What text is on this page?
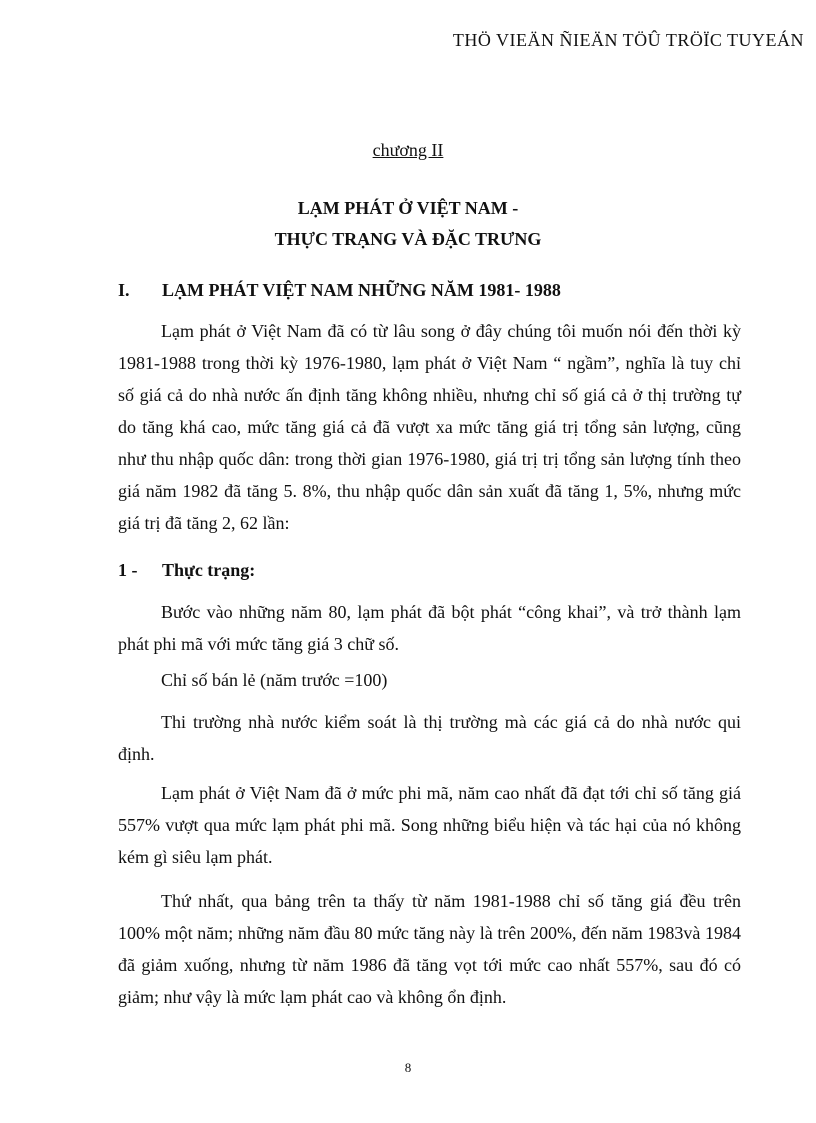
THÖ VIEÄN ÑIEÄN TÖÛ TRÖÏC TUYEÁN
chương II
LẠM PHÁT Ở VIỆT NAM -
THỰC TRẠNG VÀ ĐẶC TRƯNG
I. LẠM PHÁT VIỆT NAM NHỮNG NĂM 1981- 1988

Lạm phát ở Việt Nam đã có từ lâu song ở đây chúng tôi muốn nói đến thời kỳ 1981-1988 trong thời kỳ 1976-1980, lạm phát ở Việt Nam “ ngầm”, nghĩa là tuy chỉ số giá cả do nhà nước ấn định tăng không nhiều, nhưng chỉ số giá cả ở thị trường tự do tăng khá cao, mức tăng giá cả đã vượt xa mức tăng giá trị tổng sản lượng, cũng như thu nhập quốc dân: trong thời gian 1976-1980, giá trị trị tổng sản lượng tính theo giá năm 1982 đã tăng 5. 8%, thu nhập quốc dân sản xuất đã tăng 1, 5%, nhưng mức giá trị đã tăng 2, 62 lần:

1 - Thực trạng:

Bước vào những năm 80, lạm phát đã bột phát “công khai”, và trở thành lạm phát phi mã với mức tăng giá 3 chữ số.

Chỉ số bán lẻ (năm trước =100)

Thi trường nhà nước kiểm soát là thị trường mà các giá cả do nhà nước qui định.

Lạm phát ở Việt Nam đã ở mức phi mã, năm cao nhất đã đạt tới chỉ số tăng giá 557% vượt qua mức lạm phát phi mã. Song những biểu hiện và tác hại của nó không kém gì siêu lạm phát.

Thứ nhất, qua bảng trên ta thấy từ năm 1981-1988 chỉ số tăng giá đều trên 100% một năm; những năm đầu 80 mức tăng này là trên 200%, đến năm 1983và 1984 đã giảm xuống, nhưng từ năm 1986 đã tăng vọt tới mức cao nhất 557%, sau đó có giảm; như vậy là mức lạm phát cao và không ổn định.

8
